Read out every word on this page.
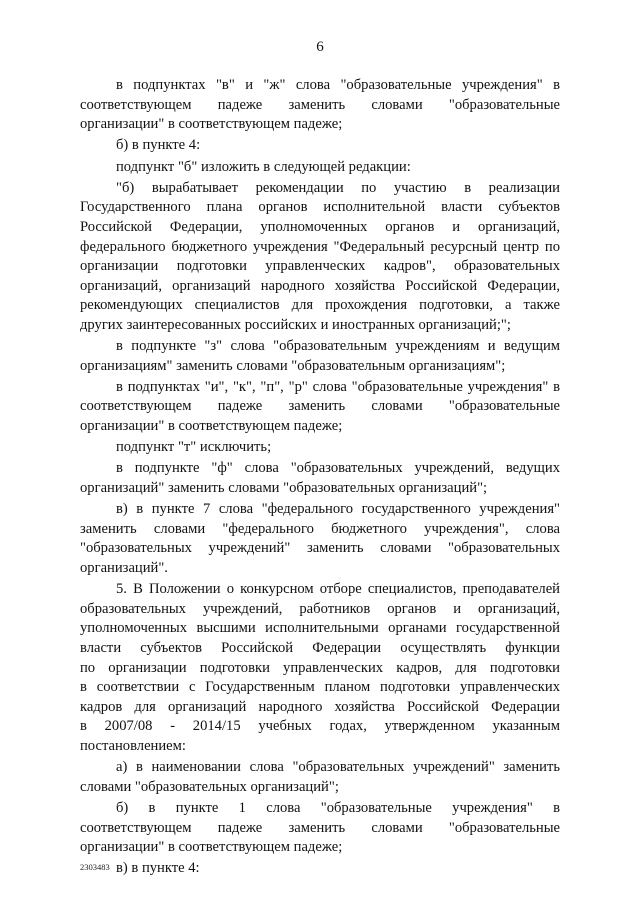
6
в подпунктах "в" и "ж" слова "образовательные учреждения" в
соответствующем падеже заменить словами "образовательные
организации" в соответствующем падеже;
б) в пункте 4:
подпункт "б" изложить в следующей редакции:
"б) вырабатывает рекомендации по участию в реализации
Государственного плана органов исполнительной власти субъектов
Российской Федерации, уполномоченных органов и организаций,
федерального бюджетного учреждения "Федеральный ресурсный центр по
организации подготовки управленческих кадров", образовательных
организаций, организаций народного хозяйства Российской Федерации,
рекомендующих специалистов для прохождения подготовки, а также
других заинтересованных российских и иностранных организаций;";
в подпункте "з" слова "образовательным учреждениям и ведущим
организациям" заменить словами "образовательным организациям";
в подпунктах "и", "к", "п", "р" слова "образовательные учреждения" в
соответствующем падеже заменить словами "образовательные
организации" в соответствующем падеже;
подпункт "т" исключить;
в подпункте "ф" слова "образовательных учреждений, ведущих
организаций" заменить словами "образовательных организаций";
в) в пункте 7 слова "федерального государственного учреждения"
заменить словами "федерального бюджетного учреждения", слова
"образовательных учреждений" заменить словами "образовательных
организаций".
5. В Положении о конкурсном отборе специалистов, преподавателей
образовательных учреждений, работников органов и организаций,
уполномоченных высшими исполнительными органами государственной
власти субъектов Российской Федерации осуществлять функции
по организации подготовки управленческих кадров, для подготовки
в соответствии с Государственным планом подготовки управленческих
кадров для организаций народного хозяйства Российской Федерации
в 2007/08 - 2014/15 учебных годах, утвержденном указанным постановлением:
а) в наименовании слова "образовательных учреждений" заменить
словами "образовательных организаций";
б) в пункте 1 слова "образовательные учреждения" в
соответствующем падеже заменить словами "образовательные
организации" в соответствующем падеже;
в) в пункте 4:
2303483
